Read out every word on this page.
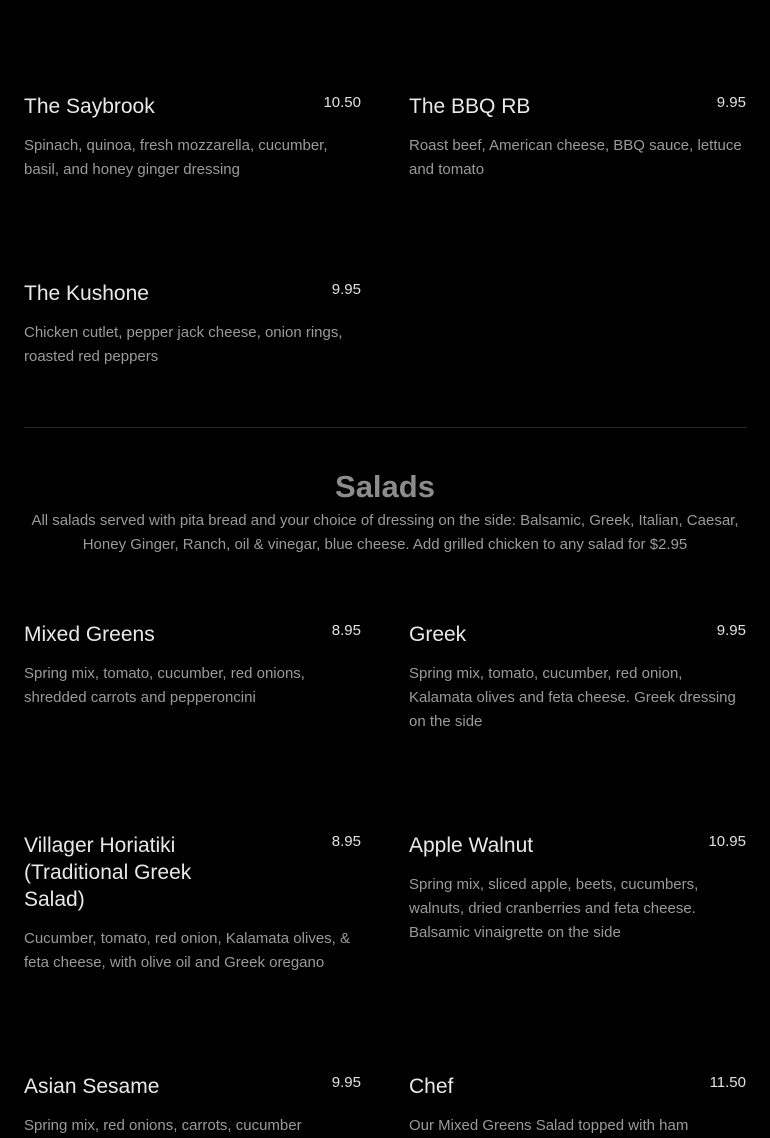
The Saybrook	10.50

Spinach, quinoa, fresh mozzarella, cucumber, basil, and honey ginger dressing

The BBQ RB	9.95

Roast beef, American cheese, BBQ sauce, lettuce and tomato

The Kushone	9.95

Chicken cutlet, pepper jack cheese, onion rings, roasted red peppers

Salads

All salads served with pita bread and your choice of dressing on the side: Balsamic, Greek, Italian, Caesar, Honey Ginger, Ranch, oil & vinegar, blue cheese. Add grilled chicken to any salad for $2.95

Mixed Greens	8.95

Spring mix, tomato, cucumber, red onions, shredded carrots and pepperoncini

Greek	9.95

Spring mix, tomato, cucumber, red onion, Kalamata olives and feta cheese. Greek dressing on the side

Villager Horiatiki (Traditional Greek Salad)
8.95

Cucumber, tomato, red onion, Kalamata olives, & feta cheese, with olive oil and Greek oregano

Apple Walnut	10.95

Spring mix, sliced apple, beets, cucumbers, walnuts, dried cranberries and feta cheese. Balsamic vinaigrette on the side

Asian Sesame	9.95

Spring mix, red onions, carrots, cucumber

Chef	11.50

Our Mixed Greens Salad topped with ham
